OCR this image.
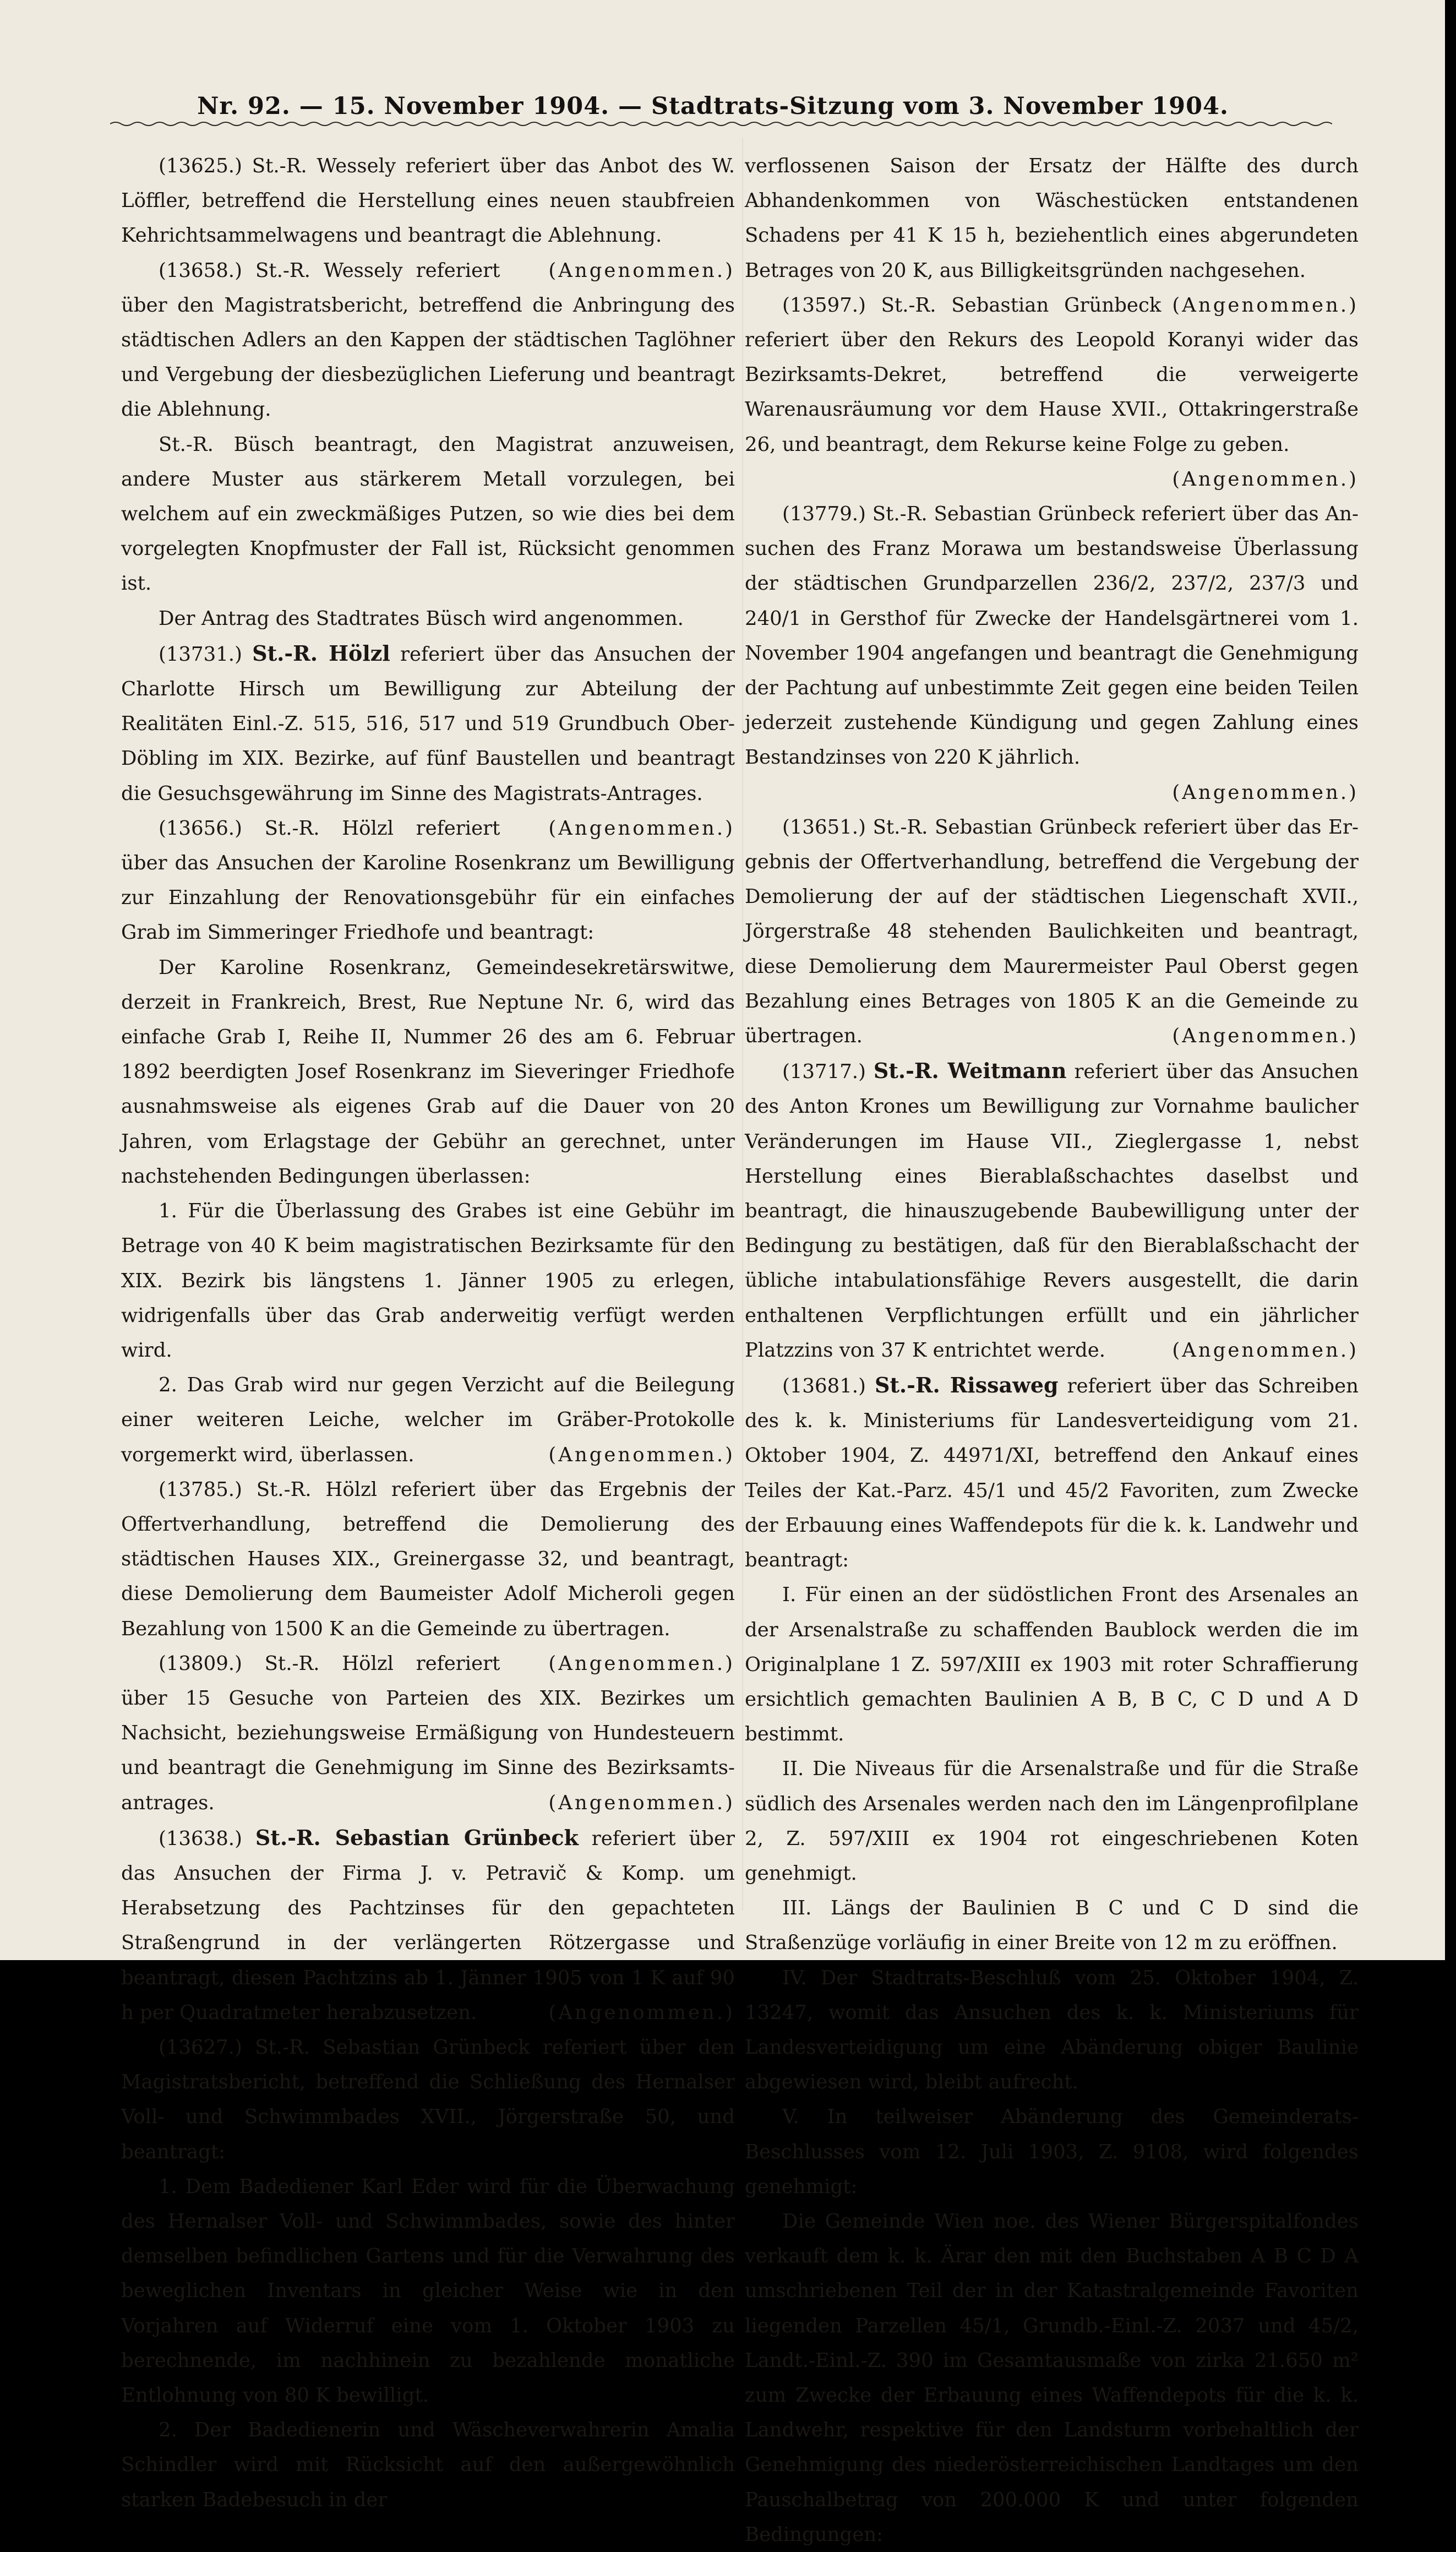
Nr. 92. — 15. November 1904. — Stadtrats-Sitzung vom 3. November 1904.

(13625.) St.-R. Wessely referiert über das Anbot des W. Löffler, betreffend die Herstellung eines neuen staubfreien Kehrichtsammelwagens und beantragt die Ablehnung.
(Angenommen.)

(13658.) St.-R. Wessely referiert über den Magistratsbericht, betreffend die Anbringung des städtischen Adlers an den Kappen der städtischen Taglöhner und Vergebung der diesbezüglichen Lieferung und beantragt die Ablehnung.

St.-R. Büsch beantragt, den Magistrat anzuweisen, andere Muster aus stärkerem Metall vorzulegen, bei welchem auf ein zweckmäßiges Putzen, so wie dies bei dem vorgelegten Knopfmuster der Fall ist, Rücksicht genommen ist.

Der Antrag des Stadtrates Büsch wird angenommen.

(13731.) St.-R. Hölzl referiert über das Ansuchen der Charlotte Hirsch um Bewilligung zur Abteilung der Realitäten Einl.-Z. 515, 516, 517 und 519 Grundbuch Ober-Döbling im XIX. Bezirke, auf fünf Baustellen und beantragt die Gesuchsgewährung im Sinne des Magistrats-Antrages.
(Angenommen.)

(13656.) St.-R. Hölzl referiert über das Ansuchen der Karoline Rosenkranz um Bewilligung zur Einzahlung der Renovationsgebühr für ein einfaches Grab im Simmeringer Friedhofe und beantragt:

Der Karoline Rosenkranz, Gemeindesekretärswitwe, derzeit in Frankreich, Brest, Rue Neptune Nr. 6, wird das einfache Grab I, Reihe II, Nummer 26 des am 6. Februar 1892 beerdigten Josef Rosenkranz im Sieveringer Friedhofe ausnahmsweise als eigenes Grab auf die Dauer von 20 Jahren, vom Erlagstage der Gebühr an gerechnet, unter nachstehenden Bedingungen überlassen:

1. Für die Überlassung des Grabes ist eine Gebühr im Betrage von 40 K beim magistratischen Bezirksamte für den XIX. Bezirk bis längstens 1. Jänner 1905 zu erlegen, widrigenfalls über das Grab anderweitig verfügt werden wird.

2. Das Grab wird nur gegen Verzicht auf die Beilegung einer weiteren Leiche, welcher im Gräber-Protokolle vorgemerkt wird, überlassen.	(Angenommen.)

(13785.) St.-R. Hölzl referiert über das Ergebnis der Offertverhandlung, betreffend die Demolierung des städtischen Hauses XIX., Greinergasse 32, und beantragt, diese Demolierung dem Baumeister Adolf Micheroli gegen Bezahlung von 1500 K an die Gemeinde zu übertragen.
(Angenommen.)

(13809.) St.-R. Hölzl referiert über 15 Gesuche von Parteien des XIX. Bezirkes um Nachsicht, beziehungsweise Ermäßigung von Hundesteuern und beantragt die Genehmigung im Sinne des Bezirksamtsantrages.	(Angenommen.)

(13638.) St.-R. Sebastian Grünbeck referiert über das Ansuchen der Firma J. v. Petravič & Komp. um Herabsetzung des Pachtzinses für den gepachteten Straßengrund in der verlängerten Rötzergasse und beantragt, diesen Pachtzins ab 1. Jänner 1905 von 1 K auf 90 h per Quadratmeter herabzusetzen.	(Angenommen.)

(13627.) St.-R. Sebastian Grünbeck referiert über den Magistratsbericht, betreffend die Schließung des Hernalser Voll- und Schwimmbades XVII., Jörgerstraße 50, und beantragt:

1. Dem Badediener Karl Eder wird für die Überwachung des Hernalser Voll- und Schwimmbades, sowie des hinter demselben befindlichen Gartens und für die Verwahrung des beweglichen Inventars in gleicher Weise wie in den Vorjahren auf Widerruf eine vom 1. Oktober 1903 zu berechnende, im nachhinein zu bezahlende monatliche Entlohnung von 80 K bewilligt.

2. Der Badedienerin und Wäscheverwahrerin Amalia Schindler wird mit Rücksicht auf den außergewöhnlich starken Badebesuch in der

verflossenen Saison der Ersatz der Hälfte des durch Abhandenkommen von Wäschestücken entstandenen Schadens per 41 K 15 h, beziehentlich eines abgerundeten Betrages von 20 K, aus Billigkeitsgründen nachgesehen.
(Angenommen.)

(13597.) St.-R. Sebastian Grünbeck referiert über den Rekurs des Leopold Koranyi wider das Bezirksamts-Dekret, betreffend die verweigerte Warenausräumung vor dem Hause XVII., Ottakringerstraße 26, und beantragt, dem Rekurse keine Folge zu geben.

(Angenommen.)

(13779.) St.-R. Sebastian Grünbeck referiert über das Ansuchen des Franz Morawa um bestandsweise Überlassung der städtischen Grundparzellen 236/2, 237/2, 237/3 und 240/1 in Gersthof für Zwecke der Handelsgärtnerei vom 1. November 1904 angefangen und beantragt die Genehmigung der Pachtung auf unbestimmte Zeit gegen eine beiden Teilen jederzeit zustehende Kündigung und gegen Zahlung eines Bestandzinses von 220 K jährlich.

(Angenommen.)

(13651.) St.-R. Sebastian Grünbeck referiert über das Ergebnis der Offertverhandlung, betreffend die Vergebung der Demolierung der auf der städtischen Liegenschaft XVII., Jörgerstraße 48 stehenden Baulichkeiten und beantragt, diese Demolierung dem Maurermeister Paul Oberst gegen Bezahlung eines Betrages von 1805 K an die Gemeinde zu übertragen.	(Angenommen.)

(13717.) St.-R. Weitmann referiert über das Ansuchen des Anton Krones um Bewilligung zur Vornahme baulicher Veränderungen im Hause VII., Zieglergasse 1, nebst Herstellung eines Bierablaßschachtes daselbst und beantragt, die hinauszugebende Baubewilligung unter der Bedingung zu bestätigen, daß für den Bierablaßschacht der übliche intabulationsfähige Revers ausgestellt, die darin enthaltenen Verpflichtungen erfüllt und ein jährlicher Platzzins von 37 K entrichtet werde.	(Angenommen.)

(13681.) St.-R. Rissaweg referiert über das Schreiben des k. k. Ministeriums für Landesverteidigung vom 21. Oktober 1904, Z. 44971/XI, betreffend den Ankauf eines Teiles der Kat.-Parz. 45/1 und 45/2 Favoriten, zum Zwecke der Erbauung eines Waffendepots für die k. k. Landwehr und beantragt:

I. Für einen an der südöstlichen Front des Arsenales an der Arsenalstraße zu schaffenden Baublock werden die im Originalplane 1 Z. 597/XIII ex 1903 mit roter Schraffierung ersichtlich gemachten Baulinien A B, B C, C D und A D bestimmt.

II. Die Niveaus für die Arsenalstraße und für die Straße südlich des Arsenales werden nach den im Längenprofilplane 2, Z. 597/XIII ex 1904 rot eingeschriebenen Koten genehmigt.

III. Längs der Baulinien B C und C D sind die Straßenzüge vorläufig in einer Breite von 12 m zu eröffnen.

IV. Der Stadtrats-Beschluß vom 25. Oktober 1904, Z. 13247, womit das Ansuchen des k. k. Ministeriums für Landesverteidigung um eine Abänderung obiger Baulinie abgewiesen wird, bleibt aufrecht.

V. In teilweiser Abänderung des Gemeinderats-Beschlusses vom 12. Juli 1903, Z. 9108, wird folgendes genehmigt:

Die Gemeinde Wien noe. des Wiener Bürgerspitalfondes verkauft dem k. k. Ärar den mit den Buchstaben A B C D A umschriebenen Teil der in der Katastralgemeinde Favoriten liegenden Parzellen 45/1, Grundb.-Einl.-Z. 2037 und 45/2, Landt.-Einl.-Z. 390 im Gesamtausmaße von zirka 21.650 m² zum Zwecke der Erbauung eines Waffendepots für die k. k. Landwehr, respektive für den Landsturm vorbehaltlich der Genehmigung des niederösterreichischen Landtages um den Pauschalbetrag von 200.000 K und unter folgenden Bedingungen:
